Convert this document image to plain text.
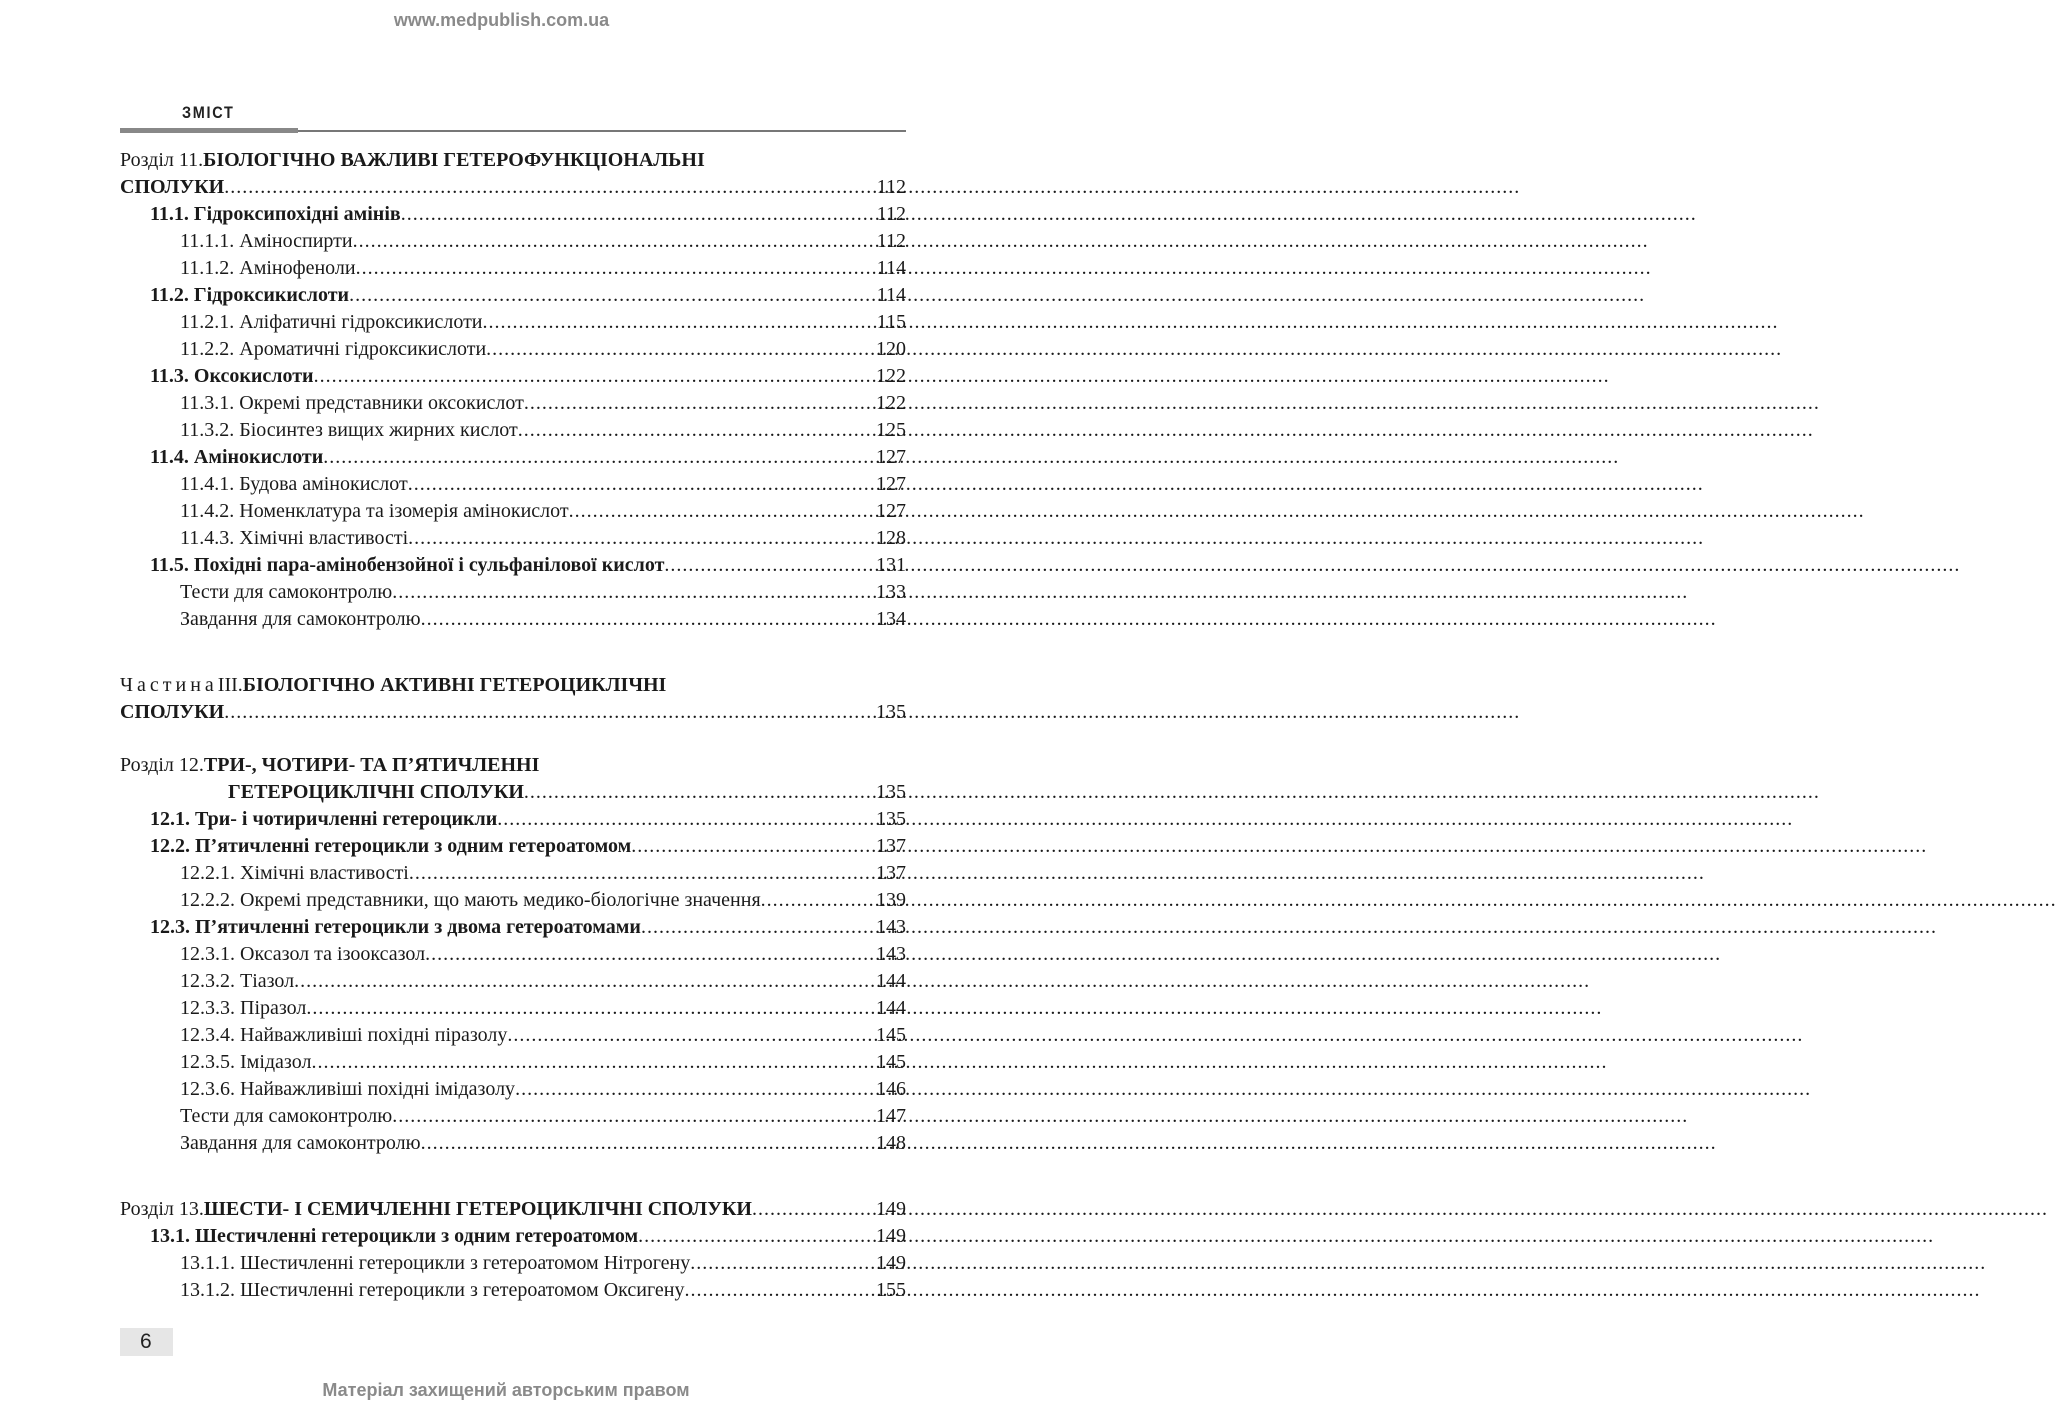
www.medpublish.com.ua
ЗМІСТ
Розділ 11. БІОЛОГІЧНО ВАЖЛИВІ ГЕТЕРОФУНКЦІОНАЛЬНІ
СПОЛУКИ .....	112
11.1. Гідроксипохідні амінів .....	112
11.1.1. Аміноспирти .....	112
11.1.2. Амінофеноли .....	114
11.2. Гідроксикислоти .....	114
11.2.1. Аліфатичні гідроксикислоти .....	115
11.2.2. Ароматичні гідроксикислоти .....	120
11.3. Оксокислоти .....	122
11.3.1. Окремі представники оксокислот .....	122
11.3.2. Біосинтез вищих жирних кислот .....	125
11.4. Амінокислоти .....	127
11.4.1. Будова амінокислот .....	127
11.4.2. Номенклатура та ізомерія амінокислот .....	127
11.4.3. Хімічні властивості .....	128
11.5. Похідні пара-амінобензойної і сульфанілової кислот .....	131
Тести для самоконтролю .....	133
Завдання для самоконтролю .....	134
Частина III. БІОЛОГІЧНО АКТИВНІ ГЕТЕРОЦИКЛІЧНІ
СПОЛУКИ .....	135
Розділ 12. ТРИ-, ЧОТИРИ- ТА П’ЯТИЧЛЕННІ
ГЕТЕРОЦИКЛІЧНІ СПОЛУКИ .....	135
12.1. Три- і чотиричленні гетероцикли .....	135
12.2. П’ятичленні гетероцикли з одним гетероатомом .....	137
12.2.1. Хімічні властивості .....	137
12.2.2. Окремі представники, що мають медико-біологічне значення .....	139
12.3. П’ятичленні гетероцикли з двома гетероатомами .....	143
12.3.1. Оксазол та ізооксазол .....	143
12.3.2. Тіазол .....	144
12.3.3. Піразол .....	144
12.3.4. Найважливіші похідні піразолу .....	145
12.3.5. Імідазол .....	145
12.3.6. Найважливіші похідні імідазолу .....	146
Тести для самоконтролю .....	147
Завдання для самоконтролю .....	148
Розділ 13. ШЕСТИ- І СЕМИЧЛЕННІ ГЕТЕРОЦИКЛІЧНІ СПОЛУКИ .....	149
13.1. Шестичленні гетероцикли з одним гетероатомом .....	149
13.1.1. Шестичленні гетероцикли з гетероатомом Нітрогену .....	149
13.1.2. Шестичленні гетероцикли з гетероатомом Оксигену .....	155
6
Матеріал захищений авторським правом
